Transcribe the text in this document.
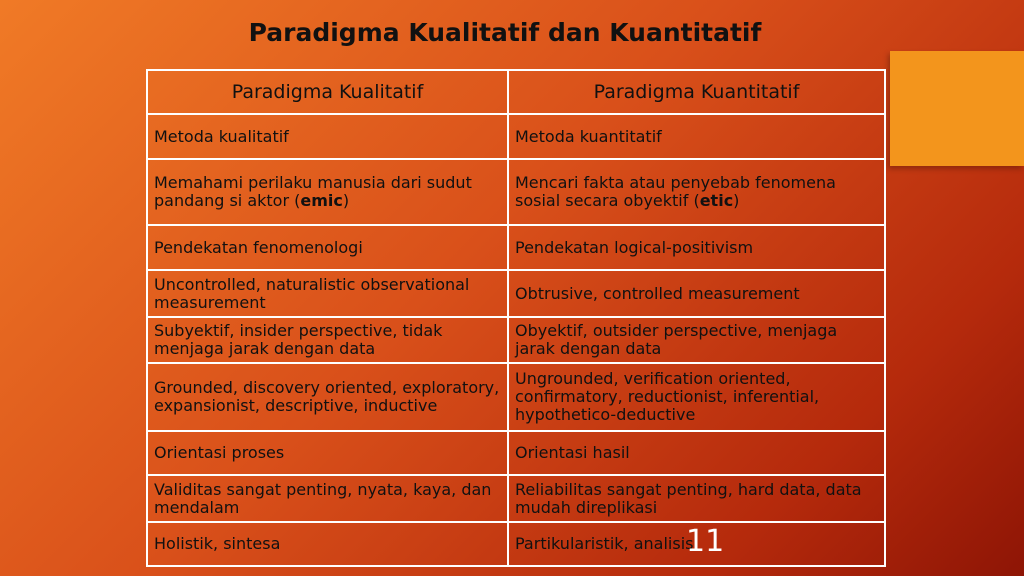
Paradigma Kualitatif dan Kuantitatif
Paradigma Kualitatif	Paradigma Kuantitatif
Metoda kualitatif	Metoda kuantitatif
Memahami perilaku manusia dari sudut pandang si aktor (emic)	Mencari fakta atau penyebab fenomena sosial secara obyektif (etic)
Pendekatan fenomenologi	Pendekatan logical-positivism
Uncontrolled, naturalistic observational measurement	Obtrusive, controlled measurement
Subyektif, insider perspective, tidak menjaga jarak dengan data	Obyektif, outsider perspective, menjaga jarak dengan data
Grounded, discovery oriented, exploratory, expansionist, descriptive, inductive	Ungrounded, verification oriented, confirmatory, reductionist, inferential, hypothetico-deductive
Orientasi proses	Orientasi hasil
Validitas sangat penting, nyata, kaya, dan mendalam	Reliabilitas sangat penting, hard data, data mudah direplikasi
Holistik, sintesa	Partikularistik, analisis
11
